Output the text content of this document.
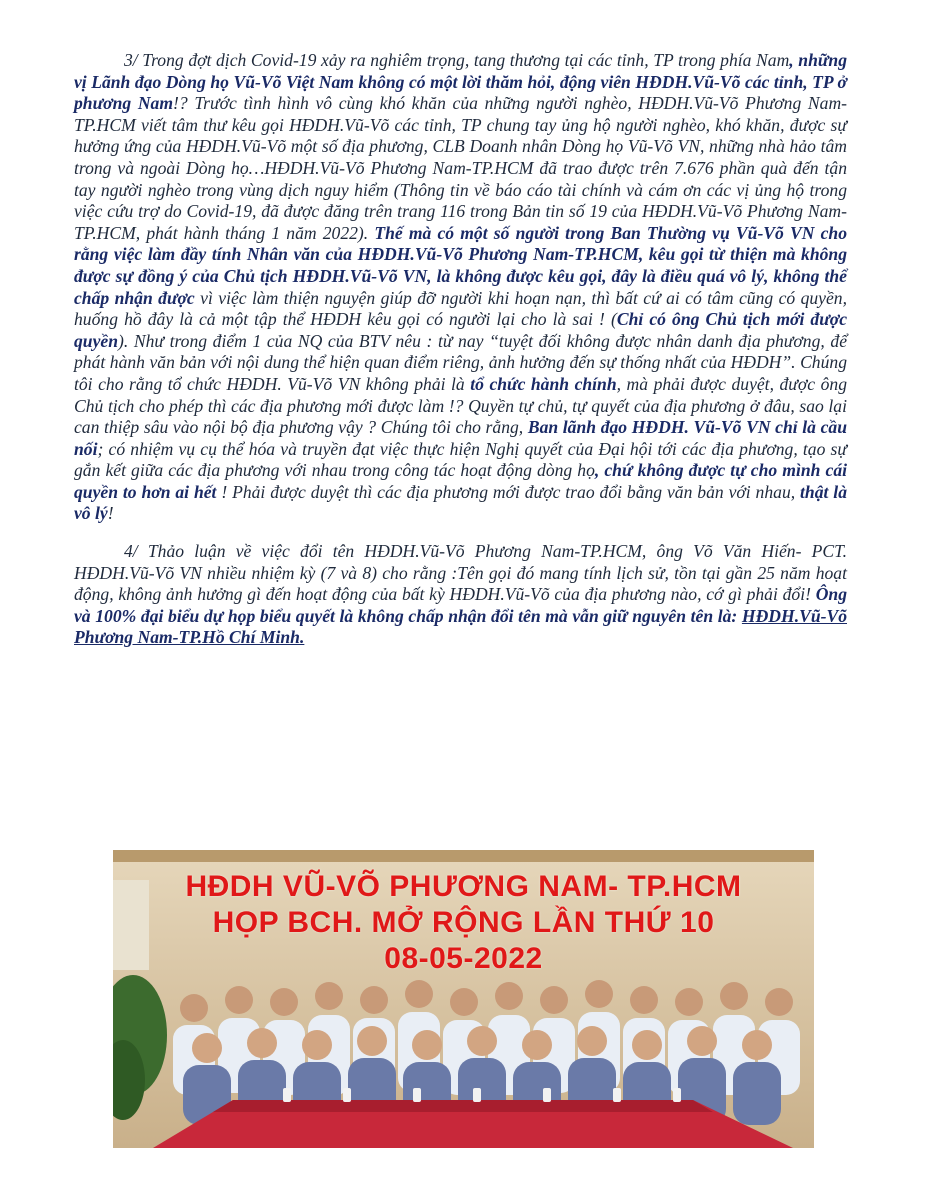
3/ Trong đợt dịch Covid-19 xảy ra nghiêm trọng, tang thương tại các tỉnh, TP trong phía Nam, những vị Lãnh đạo Dòng họ Vũ-Võ Việt Nam không có một lời thăm hỏi, động viên HĐDH.Vũ-Võ các tỉnh, TP ở phương Nam!? Trước tình hình vô cùng khó khăn của những người nghèo, HĐDH.Vũ-Võ Phương Nam-TP.HCM viết tâm thư kêu gọi HĐDH.Vũ-Võ các tỉnh, TP chung tay ủng hộ người nghèo, khó khăn, được sự hưởng ứng của HĐDH.Vũ-Võ một số địa phương, CLB Doanh nhân Dòng họ Vũ-Võ VN, những nhà hảo tâm trong và ngoài Dòng họ…HĐDH.Vũ-Võ Phương Nam-TP.HCM đã trao được trên 7.676 phần quà đến tận tay người nghèo trong vùng dịch nguy hiểm (Thông tin về báo cáo tài chính và cám ơn các vị ủng hộ trong việc cứu trợ do Covid-19, đã được đăng trên trang 116 trong Bản tin số 19 của HĐDH.Vũ-Võ Phương Nam-TP.HCM, phát hành tháng 1 năm 2022). Thế mà có một số người trong Ban Thường vụ Vũ-Võ VN cho rằng việc làm đầy tính Nhân văn của HĐDH.Vũ-Võ Phương Nam-TP.HCM, kêu gọi từ thiện mà không được sự đồng ý của Chủ tịch HĐDH.Vũ-Võ VN, là không được kêu gọi, đây là điều quá vô lý, không thể chấp nhận được vì việc làm thiện nguyện giúp đỡ người khi hoạn nạn, thì bất cứ ai có tâm cũng có quyền, huống hồ đây là cả một tập thể HĐDH kêu gọi có người lại cho là sai ! (Chỉ có ông Chủ tịch mới được quyền). Như trong điểm 1 của NQ của BTV nêu : từ nay “tuyệt đối không được nhân danh địa phương, để phát hành văn bản với nội dung thể hiện quan điểm riêng, ảnh hưởng đến sự thống nhất của HĐDH”. Chúng tôi cho rằng tổ chức HĐDH. Vũ-Võ VN không phải là tổ chức hành chính, mà phải được duyệt, được ông Chủ tịch cho phép thì các địa phương mới được làm !? Quyền tự chủ, tự quyết của địa phương ở đâu, sao lại can thiệp sâu vào nội bộ địa phương vậy ? Chúng tôi cho rằng, Ban lãnh đạo HĐDH. Vũ-Võ VN chỉ là cầu nối; có nhiệm vụ cụ thể hóa và truyền đạt việc thực hiện Nghị quyết của Đại hội tới các địa phương, tạo sự gắn kết giữa các địa phương với nhau trong công tác hoạt động dòng họ, chứ không được tự cho mình cái quyền to hơn ai hết ! Phải được duyệt thì các địa phương mới được trao đổi bằng văn bản với nhau, thật là vô lý!

4/ Thảo luận về việc đổi tên HĐDH.Vũ-Võ Phương Nam-TP.HCM, ông Võ Văn Hiến- PCT. HĐDH.Vũ-Võ VN nhiều nhiệm kỳ (7 và 8) cho rằng :Tên gọi đó mang tính lịch sử, tồn tại gần 25 năm hoạt động, không ảnh hưởng gì đến hoạt động của bất kỳ HĐDH.Vũ-Võ của địa phương nào, cớ gì phải đổi! Ông và 100% đại biểu dự họp biểu quyết là không chấp nhận đổi tên mà vẫn giữ nguyên tên là: HĐDH.Vũ-Võ Phương Nam-TP.Hồ Chí Minh.

HĐDH VŨ-VÕ PHƯƠNG NAM- TP.HCM
HỌP BCH. MỞ RỘNG LẦN THỨ 10
08-05-2022
